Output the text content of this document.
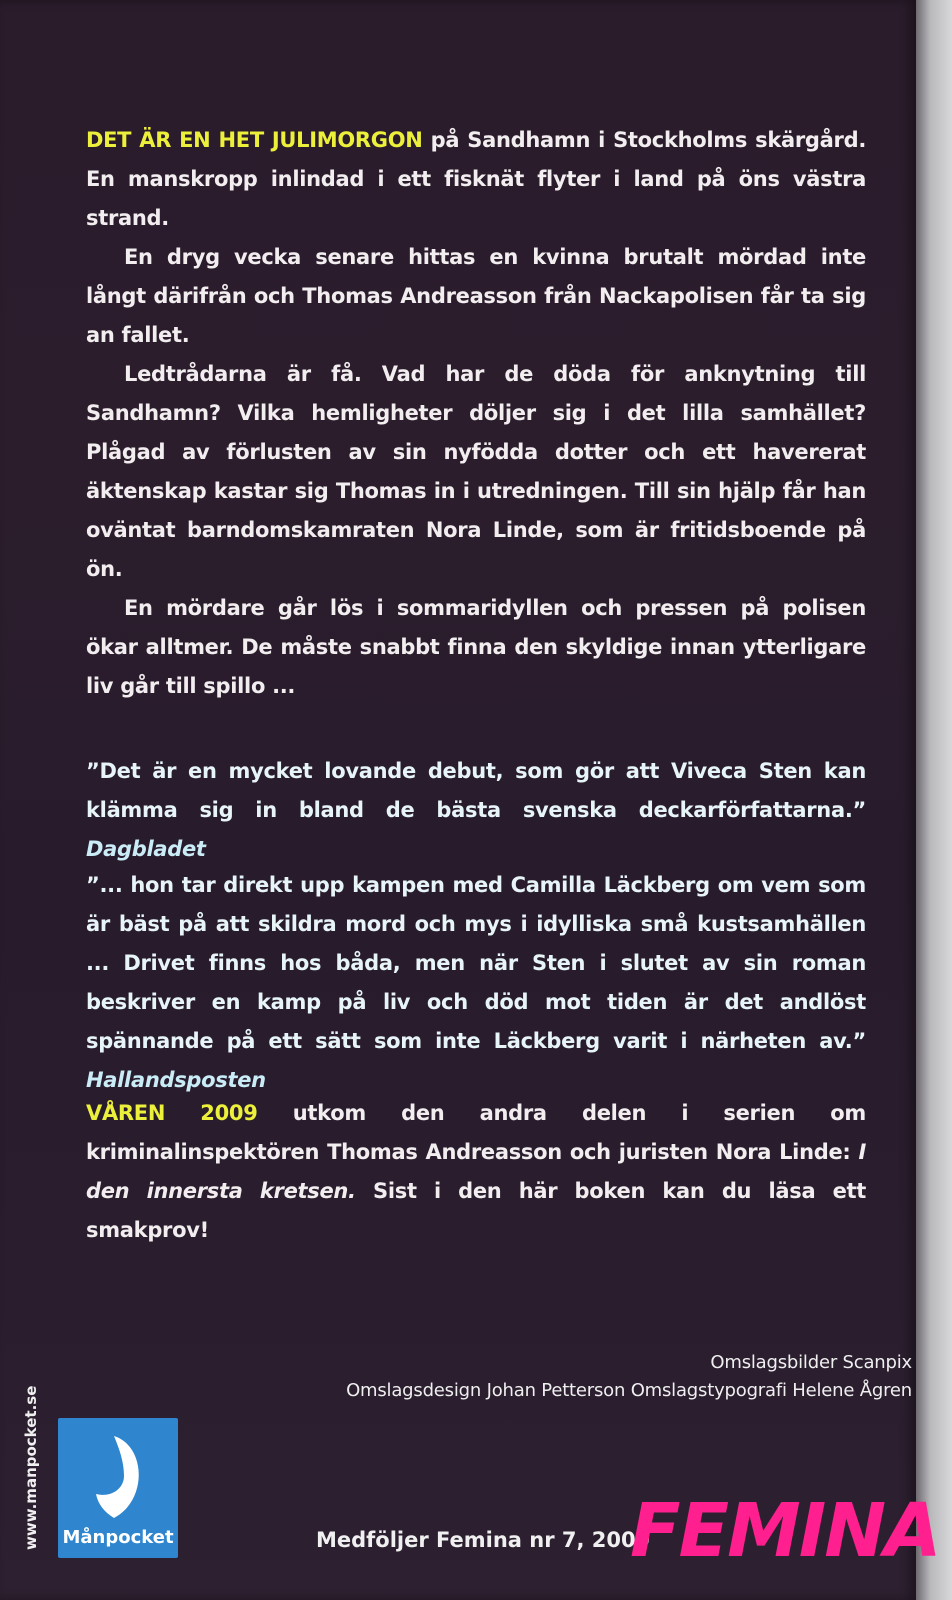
DET ÄR EN HET JULIMORGON på Sandhamn i Stockholms skärgård. En manskropp inlindad i ett fisknät flyter i land på öns västra strand.

En dryg vecka senare hittas en kvinna brutalt mördad inte långt därifrån och Thomas Andreasson från Nackapolisen får ta sig an fallet.

Ledtrådarna är få. Vad har de döda för anknytning till Sandhamn? Vilka hemligheter döljer sig i det lilla samhället? Plågad av förlusten av sin nyfödda dotter och ett havererat äktenskap kastar sig Thomas in i utredningen. Till sin hjälp får han oväntat barndomskamraten Nora Linde, som är fritidsboende på ön.

En mördare går lös i sommaridyllen och pressen på polisen ökar alltmer. De måste snabbt finna den skyldige innan ytterligare liv går till spillo ...

”Det är en mycket lovande debut, som gör att Viveca Sten kan klämma sig in bland de bästa svenska deckarförfattarna.” Dagbladet

”... hon tar direkt upp kampen med Camilla Läckberg om vem som är bäst på att skildra mord och mys i idylliska små kustsamhällen ... Drivet finns hos båda, men när Sten i slutet av sin roman beskriver en kamp på liv och död mot tiden är det andlöst spännande på ett sätt som inte Läckberg varit i närheten av.” Hallandsposten

VÅREN 2009 utkom den andra delen i serien om kriminalinspektören Thomas Andreasson och juristen Nora Linde: I den innersta kretsen. Sist i den här boken kan du läsa ett smakprov!

Omslagsbilder Scanpix
Omslagsdesign Johan Petterson Omslagstypografi Helene Ågren
www.manpocket.se Månpocket	Medföljer Femina nr 7, 2009
FEMINA
